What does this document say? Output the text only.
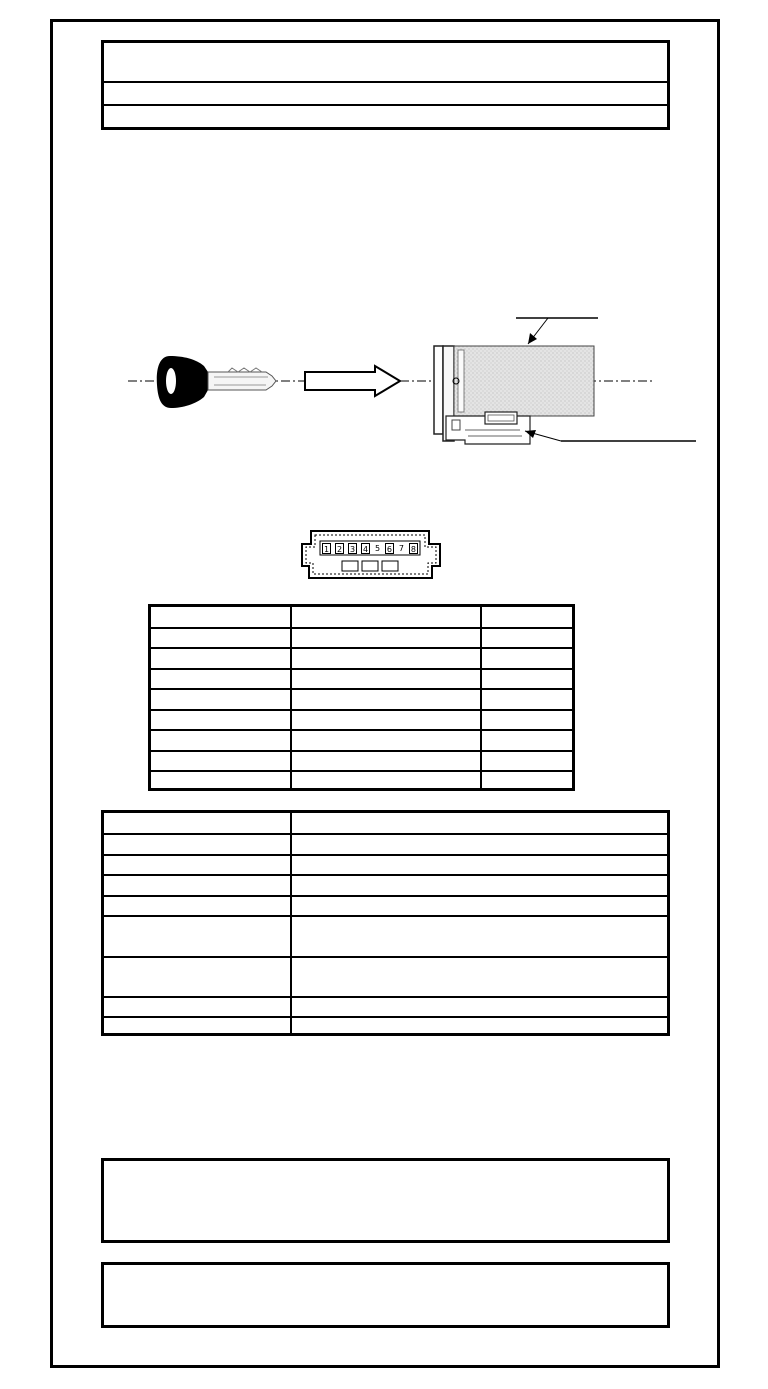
1 2 3 4 5 6 7 8
